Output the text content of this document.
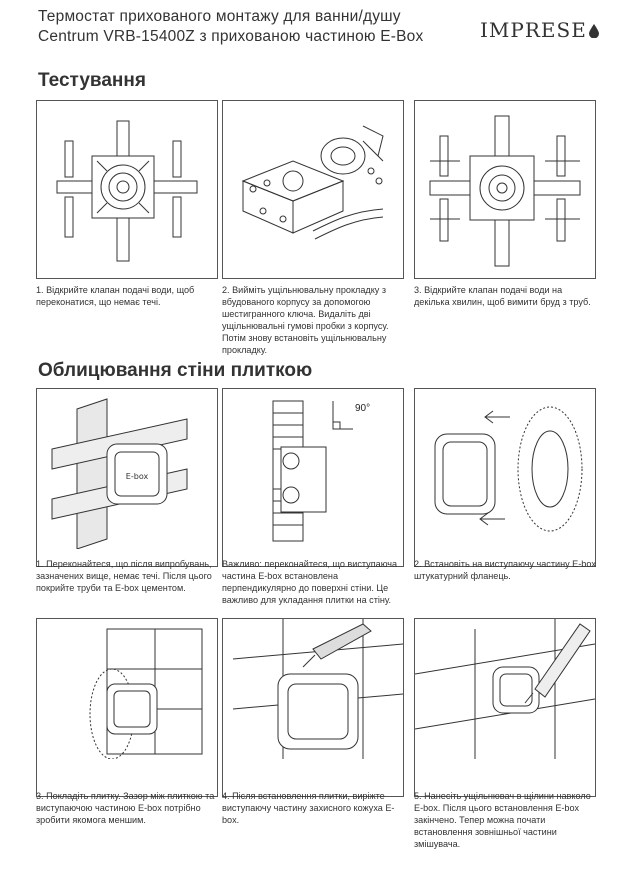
Термостат прихованого монтажу для ванни/душу
Centrum VRB-15400Z з прихованою частиною E-Box	IMPRESE
Тестування
1. Відкрийте клапан подачі води, щоб переконатися, що немає течі.
2. Вийміть ущільнювальну прокладку з вбудованого корпусу за допомогою шестигранного ключа. Видаліть дві ущільнювальні гумові пробки з корпусу. Потім знову встановіть ущільнювальну прокладку.
3. Відкрийте клапан подачі води на декілька хвилин, щоб вимити бруд з труб.
Облицювання стіни плиткою
E-box
1. Переконайтеся, що після випробувань, зазначених вище, немає течі. Після цього покрийте труби та E-box цементом.
90°
Важливо: переконайтеся, що виступаюча частина E-box встановлена перпендикулярно до поверхні стіни. Це важливо для укладання плитки на стіну.
2. Встановіть на виступаючу частину E-box штукатурний фланець.
3. Покладіть плитку. Зазор між плиткою та виступаючою частиною E-box потрібно зробити якомога меншим.
4. Після встановлення плитки, виріжте виступаючу частину захисного кожуха E-box.
5. Нанесіть ущільнювач в щілини навколо E-box. Після цього встановлення E-box закінчено. Тепер можна почати встановлення зовнішньої частини змішувача.
